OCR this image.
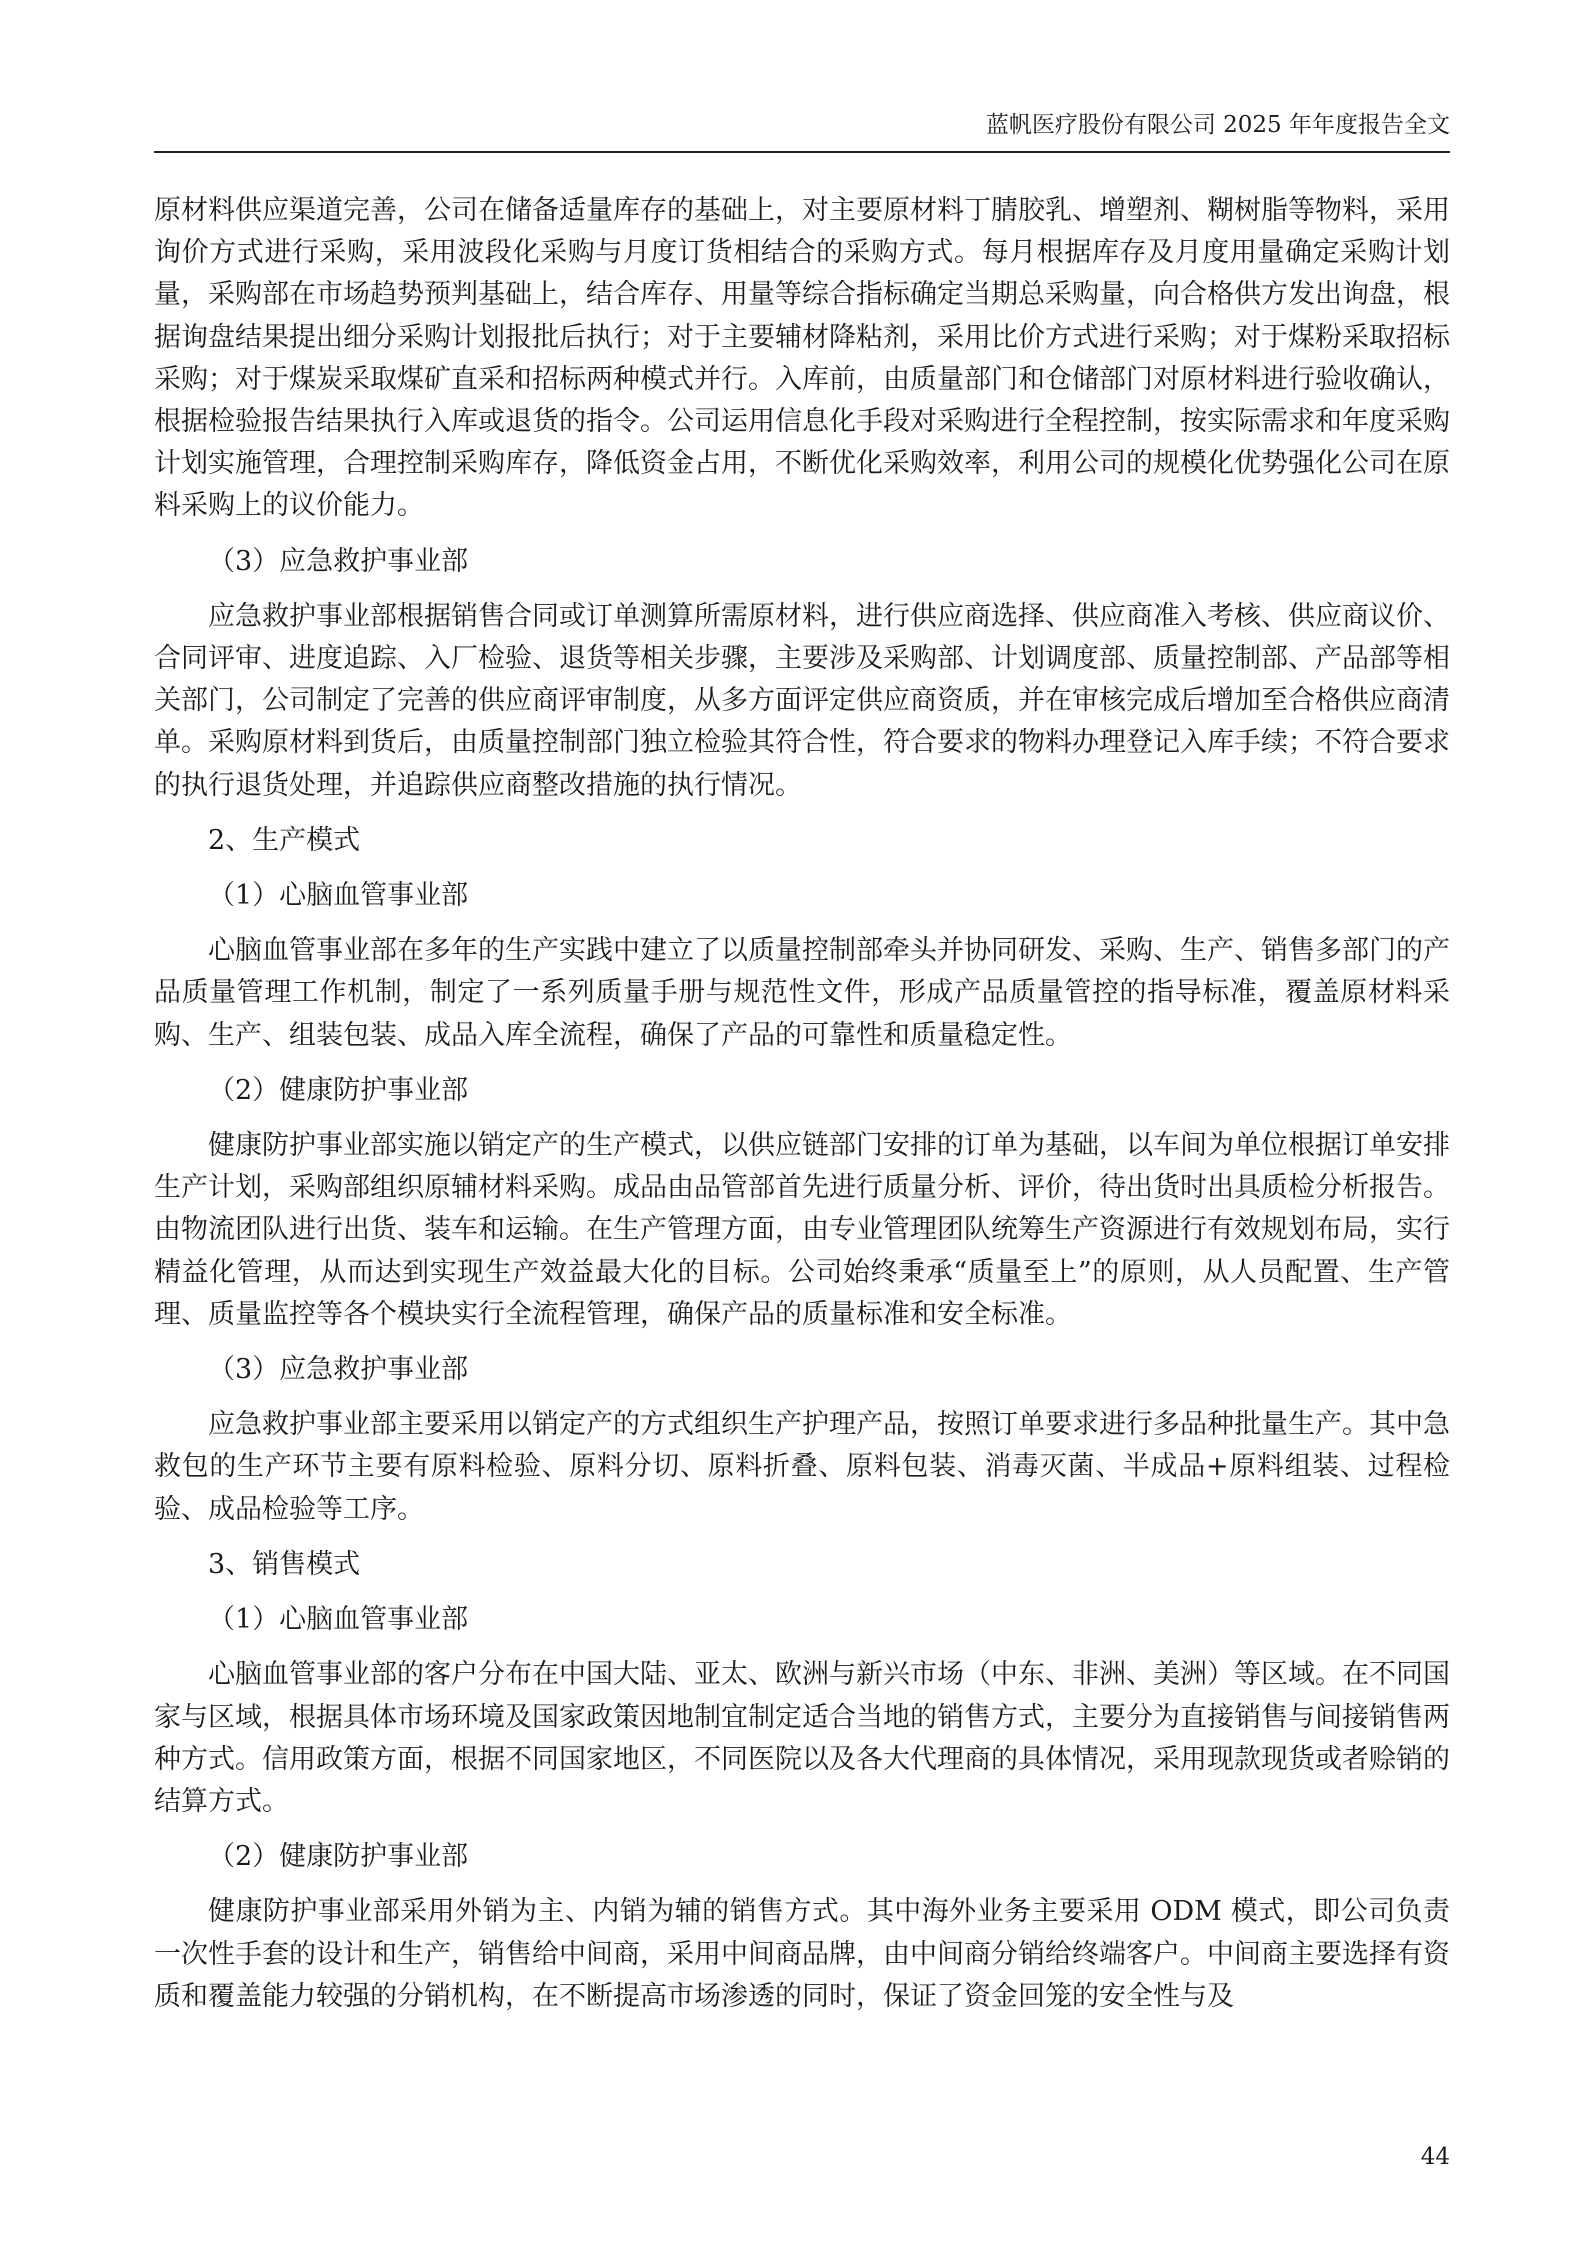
蓝帆医疗股份有限公司 2025 年年度报告全文

原材料供应渠道完善，公司在储备适量库存的基础上，对主要原材料丁腈胶乳、增塑剂、糊树脂等物料，采用询价方式进行采购，采用波段化采购与月度订货相结合的采购方式。每月根据库存及月度用量确定采购计划量，采购部在市场趋势预判基础上，结合库存、用量等综合指标确定当期总采购量，向合格供方发出询盘，根据询盘结果提出细分采购计划报批后执行；对于主要辅材降粘剂，采用比价方式进行采购；对于煤粉采取招标采购；对于煤炭采取煤矿直采和招标两种模式并行。入库前，由质量部门和仓储部门对原材料进行验收确认，根据检验报告结果执行入库或退货的指令。公司运用信息化手段对采购进行全程控制，按实际需求和年度采购计划实施管理，合理控制采购库存，降低资金占用，不断优化采购效率，利用公司的规模化优势强化公司在原料采购上的议价能力。

（3）应急救护事业部

应急救护事业部根据销售合同或订单测算所需原材料，进行供应商选择、供应商准入考核、供应商议价、合同评审、进度追踪、入厂检验、退货等相关步骤，主要涉及采购部、计划调度部、质量控制部、产品部等相关部门，公司制定了完善的供应商评审制度，从多方面评定供应商资质，并在审核完成后增加至合格供应商清单。采购原材料到货后，由质量控制部门独立检验其符合性，符合要求的物料办理登记入库手续；不符合要求的执行退货处理，并追踪供应商整改措施的执行情况。

2、生产模式

（1）心脑血管事业部

心脑血管事业部在多年的生产实践中建立了以质量控制部牵头并协同研发、采购、生产、销售多部门的产品质量管理工作机制，制定了一系列质量手册与规范性文件，形成产品质量管控的指导标准，覆盖原材料采购、生产、组装包装、成品入库全流程，确保了产品的可靠性和质量稳定性。

（2）健康防护事业部

健康防护事业部实施以销定产的生产模式，以供应链部门安排的订单为基础，以车间为单位根据订单安排生产计划，采购部组织原辅材料采购。成品由品管部首先进行质量分析、评价，待出货时出具质检分析报告。由物流团队进行出货、装车和运输。在生产管理方面，由专业管理团队统筹生产资源进行有效规划布局，实行精益化管理，从而达到实现生产效益最大化的目标。公司始终秉承“质量至上”的原则，从人员配置、生产管理、质量监控等各个模块实行全流程管理，确保产品的质量标准和安全标准。

（3）应急救护事业部

应急救护事业部主要采用以销定产的方式组织生产护理产品，按照订单要求进行多品种批量生产。其中急救包的生产环节主要有原料检验、原料分切、原料折叠、原料包装、消毒灭菌、半成品+原料组装、过程检验、成品检验等工序。

3、销售模式

（1）心脑血管事业部

心脑血管事业部的客户分布在中国大陆、亚太、欧洲与新兴市场（中东、非洲、美洲）等区域。在不同国家与区域，根据具体市场环境及国家政策因地制宜制定适合当地的销售方式，主要分为直接销售与间接销售两种方式。信用政策方面，根据不同国家地区，不同医院以及各大代理商的具体情况，采用现款现货或者赊销的结算方式。

（2）健康防护事业部

健康防护事业部采用外销为主、内销为辅的销售方式。其中海外业务主要采用 ODM 模式，即公司负责一次性手套的设计和生产，销售给中间商，采用中间商品牌，由中间商分销给终端客户。中间商主要选择有资质和覆盖能力较强的分销机构，在不断提高市场渗透的同时，保证了资金回笼的安全性与及

44
